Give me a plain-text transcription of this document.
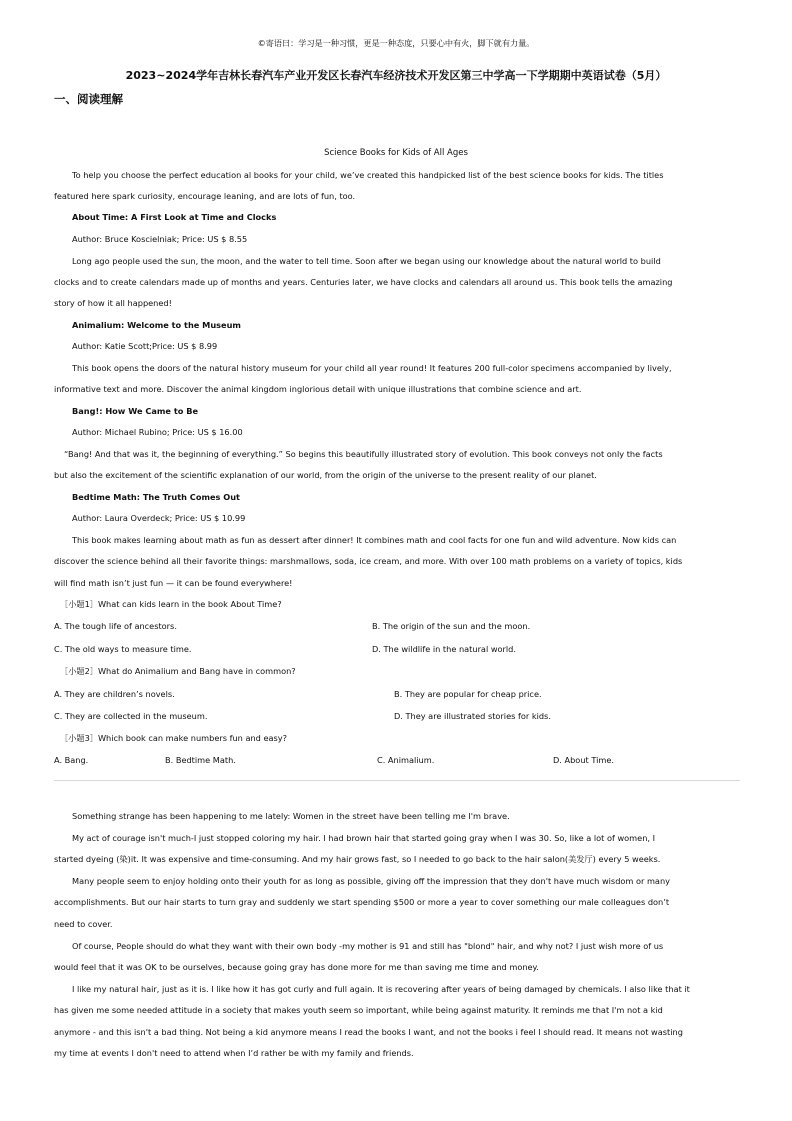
©寄语曰：学习是一种习惯，更是一种态度，只要心中有火，脚下就有力量。
2023~2024学年吉林长春汽车产业开发区长春汽车经济技术开发区第三中学高一下学期期中英语试卷（5月）
一、阅读理解
Science Books for Kids of All Ages
To help you choose the perfect education al books for your child, we’ve created this handpicked list of the best science books for kids. The titles
featured here spark curiosity, encourage leaning, and are lots of fun, too.
About Time: A First Look at Time and Clocks
Author: Bruce Koscielniak; Price: US $ 8.55
Long ago people used the sun, the moon, and the water to tell time. Soon after we began using our knowledge about the natural world to build
clocks and to create calendars made up of months and years. Centuries later, we have clocks and calendars all around us. This book tells the amazing
story of how it all happened!
Animalium: Welcome to the Museum
Author: Katie Scott;Price: US $ 8.99
This book opens the doors of the natural history museum for your child all year round! It features 200 full-color specimens accompanied by lively,
informative text and more. Discover the animal kingdom inglorious detail with unique illustrations that combine science and art.
Bang!: How We Came to Be
Author: Michael Rubino; Price: US $ 16.00
“Bang! And that was it, the beginning of everything.” So begins this beautifully illustrated story of evolution. This book conveys not only the facts
but also the excitement of the scientific explanation of our world, from the origin of the universe to the present reality of our planet.
Bedtime Math: The Truth Comes Out
Author: Laura Overdeck; Price: US $ 10.99
This book makes learning about math as fun as dessert after dinner! It combines math and cool facts for one fun and wild adventure. Now kids can
discover the science behind all their favorite things: marshmallows, soda, ice cream, and more. With over 100 math problems on a variety of topics, kids
will find math isn’t just fun — it can be found everywhere!
［小题1］What can kids learn in the book About Time?
A. The tough life of ancestors.	B. The origin of the sun and the moon.
C. The old ways to measure time.	D. The wildlife in the natural world.
［小题2］What do Animalium and Bang have in common?
A. They are children’s novels.	B. They are popular for cheap price.
C. They are collected in the museum.	D. They are illustrated stories for kids.
［小题3］Which book can make numbers fun and easy?
A. Bang.	B. Bedtime Math.	C. Animalium.	D. About Time.
Something strange has been happening to me lately: Women in the street have been telling me I'm brave.
My act of courage isn't much-I just stopped coloring my hair. I had brown hair that started going gray when I was 30. So, like a lot of women, I
started dyeing (染)it. It was expensive and time-consuming. And my hair grows fast, so I needed to go back to the hair salon(美发厅) every 5 weeks.
Many people seem to enjoy holding onto their youth for as long as possible, giving off the impression that they don't have much wisdom or many
accomplishments. But our hair starts to turn gray and suddenly we start spending $500 or more a year to cover something our male colleagues don’t
need to cover.
Of course, People should do what they want with their own body -my mother is 91 and still has "blond" hair, and why not? I just wish more of us
would feel that it was OK to be ourselves, because going gray has done more for me than saving me time and money.
I like my natural hair, just as it is. I like how it has got curly and full again. It is recovering after years of being damaged by chemicals. I also like that it
has given me some needed attitude in a society that makes youth seem so important, while being against maturity. It reminds me that I'm not a kid
anymore - and this isn't a bad thing. Not being a kid anymore means I read the books I want, and not the books i feel I should read. It means not wasting
my time at events I don't need to attend when I’d rather be with my family and friends.
